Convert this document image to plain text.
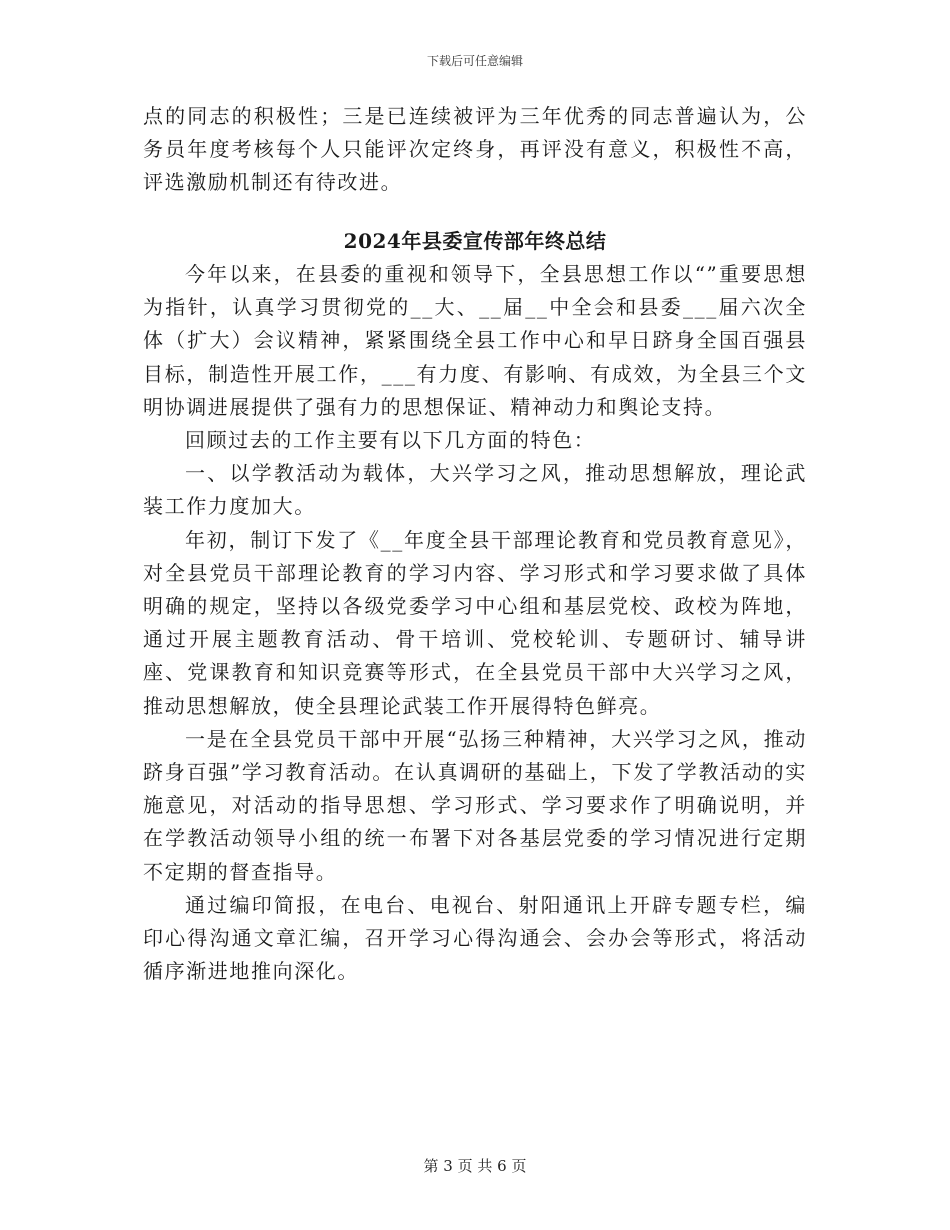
下载后可任意编辑

点的同志的积极性；三是已连续被评为三年优秀的同志普遍认为，公务员年度考核每个人只能评次定终身，再评没有意义，积极性不高，评选激励机制还有待改进。

2024年县委宣传部年终总结

今年以来，在县委的重视和领导下，全县思想工作以“”重要思想为指针，认真学习贯彻党的__大、__届__中全会和县委___届六次全体（扩大）会议精神，紧紧围绕全县工作中心和早日跻身全国百强县目标，制造性开展工作，___有力度、有影响、有成效，为全县三个文明协调进展提供了强有力的思想保证、精神动力和舆论支持。

回顾过去的工作主要有以下几方面的特色：

一、以学教活动为载体，大兴学习之风，推动思想解放，理论武装工作力度加大。

年初，制订下发了《__年度全县干部理论教育和党员教育意见》，对全县党员干部理论教育的学习内容、学习形式和学习要求做了具体明确的规定，坚持以各级党委学习中心组和基层党校、政校为阵地，通过开展主题教育活动、骨干培训、党校轮训、专题研讨、辅导讲座、党课教育和知识竞赛等形式，在全县党员干部中大兴学习之风，推动思想解放，使全县理论武装工作开展得特色鲜亮。

一是在全县党员干部中开展“弘扬三种精神，大兴学习之风，推动跻身百强”学习教育活动。在认真调研的基础上，下发了学教活动的实施意见，对活动的指导思想、学习形式、学习要求作了明确说明，并在学教活动领导小组的统一布署下对各基层党委的学习情况进行定期不定期的督查指导。

通过编印简报，在电台、电视台、射阳通讯上开辟专题专栏，编印心得沟通文章汇编，召开学习心得沟通会、会办会等形式，将活动循序渐进地推向深化。

第 3 页 共 6 页
